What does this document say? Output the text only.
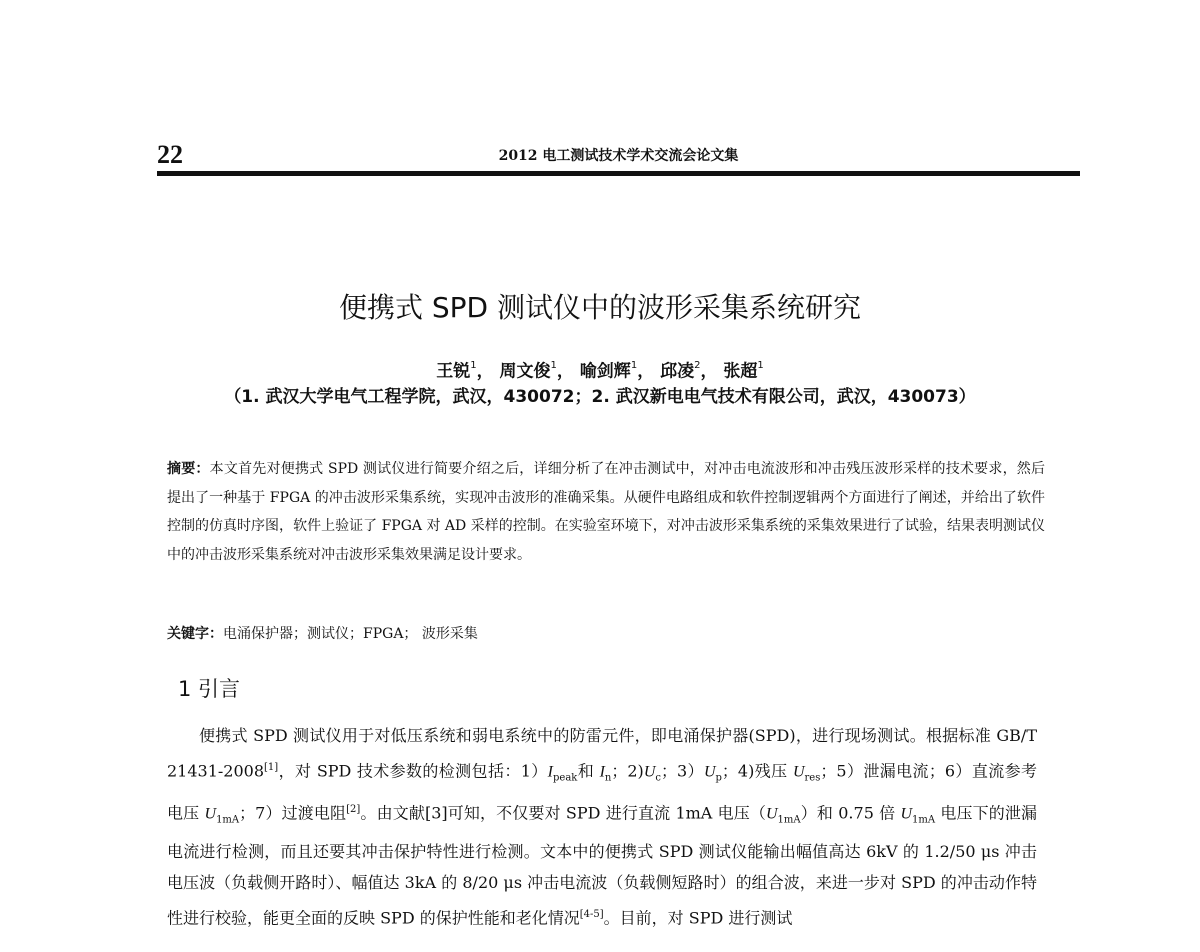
22	2012 电工测试技术学术交流会论文集
便携式 SPD 测试仪中的波形采集系统研究
王锐$^1$， 周文俊$^1$， 喻剑辉$^1$， 邱凌$^2$， 张超$^1$
（1. 武汉大学电气工程学院，武汉，430072；2. 武汉新电电气技术有限公司，武汉，430073）
摘要：本文首先对便携式 SPD 测试仪进行简要介绍之后，详细分析了在冲击测试中，对冲击电流波形和冲击残压波形采样的技术要求，然后提出了一种基于 FPGA 的冲击波形采集系统，实现冲击波形的准确采集。从硬件电路组成和软件控制逻辑两个方面进行了阐述，并给出了软件控制的仿真时序图，软件上验证了 FPGA 对 AD 采样的控制。在实验室环境下，对冲击波形采集系统的采集效果进行了试验，结果表明测试仪中的冲击波形采集系统对冲击波形采集效果满足设计要求。
关键字：电涌保护器；测试仪；FPGA； 波形采集
1 引言

便携式 SPD 测试仪用于对低压系统和弱电系统中的防雷元件，即电涌保护器(SPD)，进行现场测试。根据标准 GB/T 21431-2008[1]，对 SPD 技术参数的检测包括：$1)I_{peak}$和 $I_n$；$2)U_c$；$3)U_p$；4)残压 $U_{res}$；5）泄漏电流；6）直流参考电压 $U_{1mA}$；7）过渡电阻[2]。由文献[3]可知，不仅要对 SPD 进行直流 1mA 电压$(U_{1mA})$和 0.75 倍 $U_{1mA}$ 电压下的泄漏电流进行检测，而且还要其冲击保护特性进行检测。文本中的便携式 SPD 测试仪能输出幅值高达 6kV 的 1.2/50 μs 冲击电压波（负载侧开路时）、幅值达 3kA 的 8/20 μs 冲击电流波（负载侧短路时）的组合波，来进一步对 SPD 的冲击动作特性进行校验，能更全面的反映 SPD 的保护性能和老化情况[4-5]。目前，对 SPD 进行测试
